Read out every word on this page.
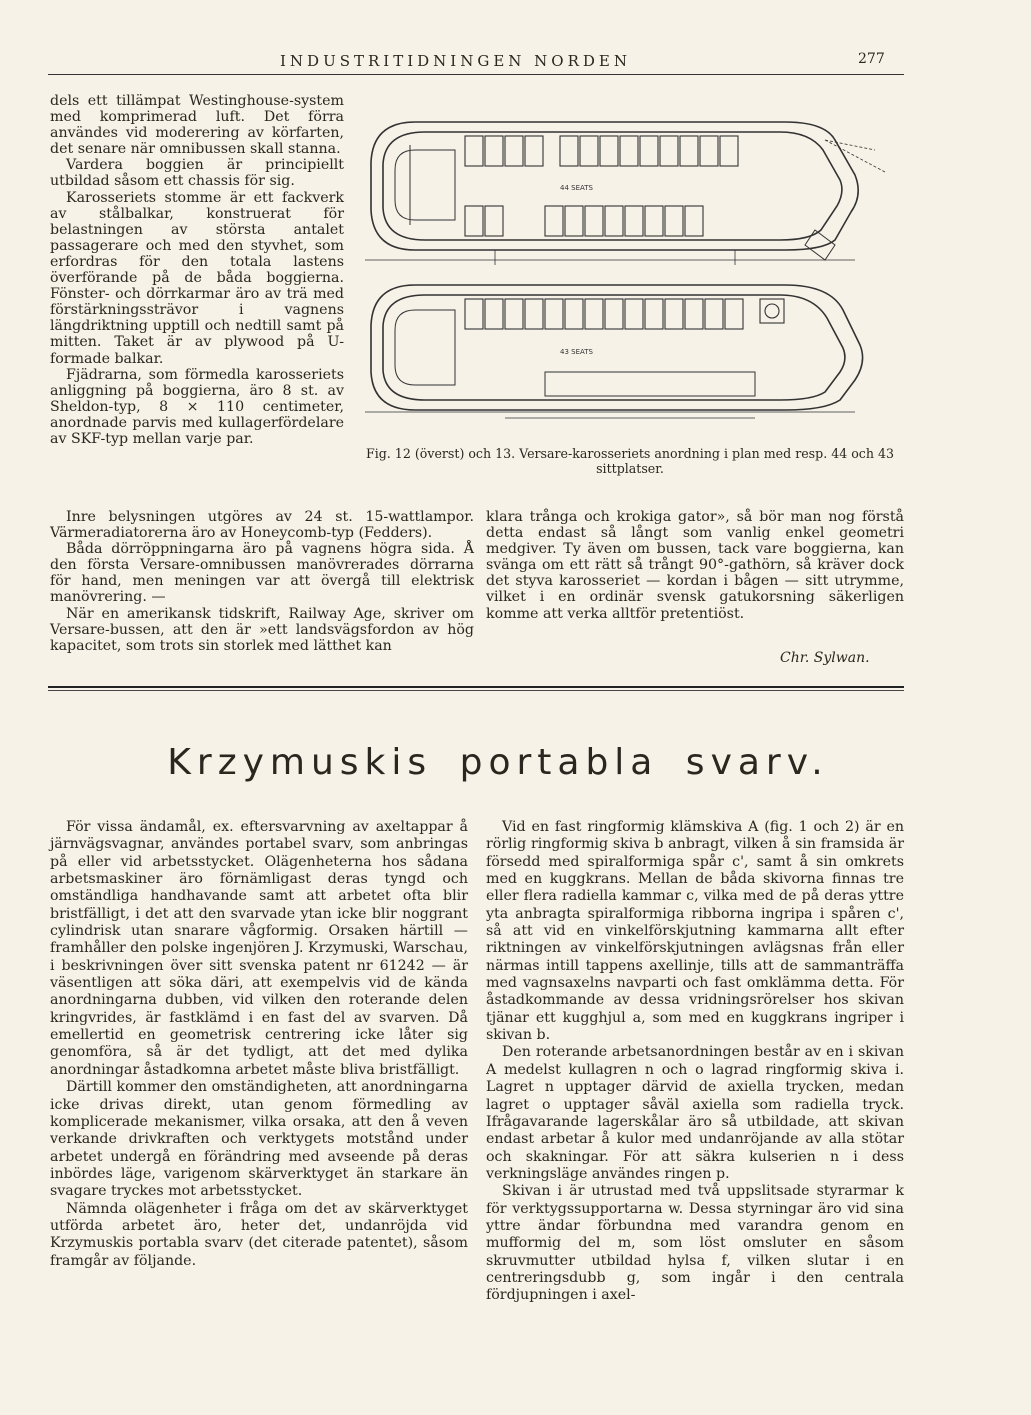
INDUSTRITIDNINGEN NORDEN	277

dels ett tillämpat Westinghouse-system med komprimerad luft. Det förra användes vid moderering av körfarten, det senare när omnibussen skall stanna.

Vardera boggien är principiellt utbildad såsom ett chassis för sig.

Karosseriets stomme är ett fackverk av stålbalkar, konstruerat för belastningen av största antalet passagerare och med den styvhet, som erfordras för den totala lastens överförande på de båda boggierna. Fönster- och dörrkarmar äro av trä med förstärkningssträvor i vagnens längdriktning upptill och nedtill samt på mitten. Taket är av plywood på U-formade balkar.

Fjädrarna, som förmedla karosseriets anliggning på boggierna, äro 8 st. av Sheldon-typ, 8 × 110 centimeter, anordnade parvis med kullagerfördelare av SKF-typ mellan varje par.

44 SEATS
43 SEATS
Fig. 12 (överst) och 13. Versare-karosseriets anordning i plan med resp. 44 och 43 sittplatser.

Inre belysningen utgöres av 24 st. 15-wattlampor. Värmeradiatorerna äro av Honeycomb-typ (Fedders).

Båda dörröppningarna äro på vagnens högra sida. Å den första Versare-omnibussen manövrerades dörrarna för hand, men meningen var att övergå till elektrisk manövrering. —

När en amerikansk tidskrift, Railway Age, skriver om Versare-bussen, att den är »ett landsvägsfordon av hög kapacitet, som trots sin storlek med lätthet kan

klara trånga och krokiga gator», så bör man nog förstå detta endast så långt som vanlig enkel geometri medgiver. Ty även om bussen, tack vare boggierna, kan svänga om ett rätt så trångt 90°-gathörn, så kräver dock det styva karosseriet — kordan i bågen — sitt utrymme, vilket i en ordinär svensk gatukorsning säkerligen komme att verka alltför pretentiöst.

Chr. Sylwan.
Krzymuskis portabla svarv.

För vissa ändamål, ex. eftersvarvning av axeltappar å järnvägsvagnar, användes portabel svarv, som anbringas på eller vid arbetsstycket. Olägenheterna hos sådana arbetsmaskiner äro förnämligast deras tyngd och omständliga handhavande samt att arbetet ofta blir bristfälligt, i det att den svarvade ytan icke blir noggrant cylindrisk utan snarare vågformig. Orsaken härtill — framhåller den polske ingenjören J. Krzymuski, Warschau, i beskrivningen över sitt svenska patent nr 61242 — är väsentligen att söka däri, att exempelvis vid de kända anordningarna dubben, vid vilken den roterande delen kringvrides, är fastklämd i en fast del av svarven. Då emellertid en geometrisk centrering icke låter sig genomföra, så är det tydligt, att det med dylika anordningar åstadkomna arbetet måste bliva bristfälligt.

Därtill kommer den omständigheten, att anordningarna icke drivas direkt, utan genom förmedling av komplicerade mekanismer, vilka orsaka, att den å veven verkande drivkraften och verktygets motstånd under arbetet undergå en förändring med avseende på deras inbördes läge, varigenom skärverktyget än starkare än svagare tryckes mot arbetsstycket.

Nämnda olägenheter i fråga om det av skärverktyget utförda arbetet äro, heter det, undanröjda vid Krzymuskis portabla svarv (det citerade patentet), såsom framgår av följande.

Vid en fast ringformig klämskiva A (fig. 1 och 2) är en rörlig ringformig skiva b anbragt, vilken å sin framsida är försedd med spiralformiga spår c', samt å sin omkrets med en kuggkrans. Mellan de båda skivorna finnas tre eller flera radiella kammar c, vilka med de på deras yttre yta anbragta spiralformiga ribborna ingripa i spåren c', så att vid en vinkelförskjutning kammarna allt efter riktningen av vinkelförskjutningen avlägsnas från eller närmas intill tappens axellinje, tills att de sammanträffa med vagnsaxelns navparti och fast omklämma detta. För åstadkommande av dessa vridningsrörelser hos skivan tjänar ett kugghjul a, som med en kuggkrans ingriper i skivan b.

Den roterande arbetsanordningen består av en i skivan A medelst kullagren n och o lagrad ringformig skiva i. Lagret n upptager därvid de axiella trycken, medan lagret o upptager såväl axiella som radiella tryck. Ifrågavarande lagerskålar äro så utbildade, att skivan endast arbetar å kulor med undanröjande av alla stötar och skakningar. För att säkra kulserien n i dess verkningsläge användes ringen p.

Skivan i är utrustad med två uppslitsade styrarmar k för verktygssupportarna w. Dessa styrningar äro vid sina yttre ändar förbundna med varandra genom en mufformig del m, som löst omsluter en såsom skruvmutter utbildad hylsa f, vilken slutar i en centreringsdubb g, som ingår i den centrala fördjupningen i axel-
